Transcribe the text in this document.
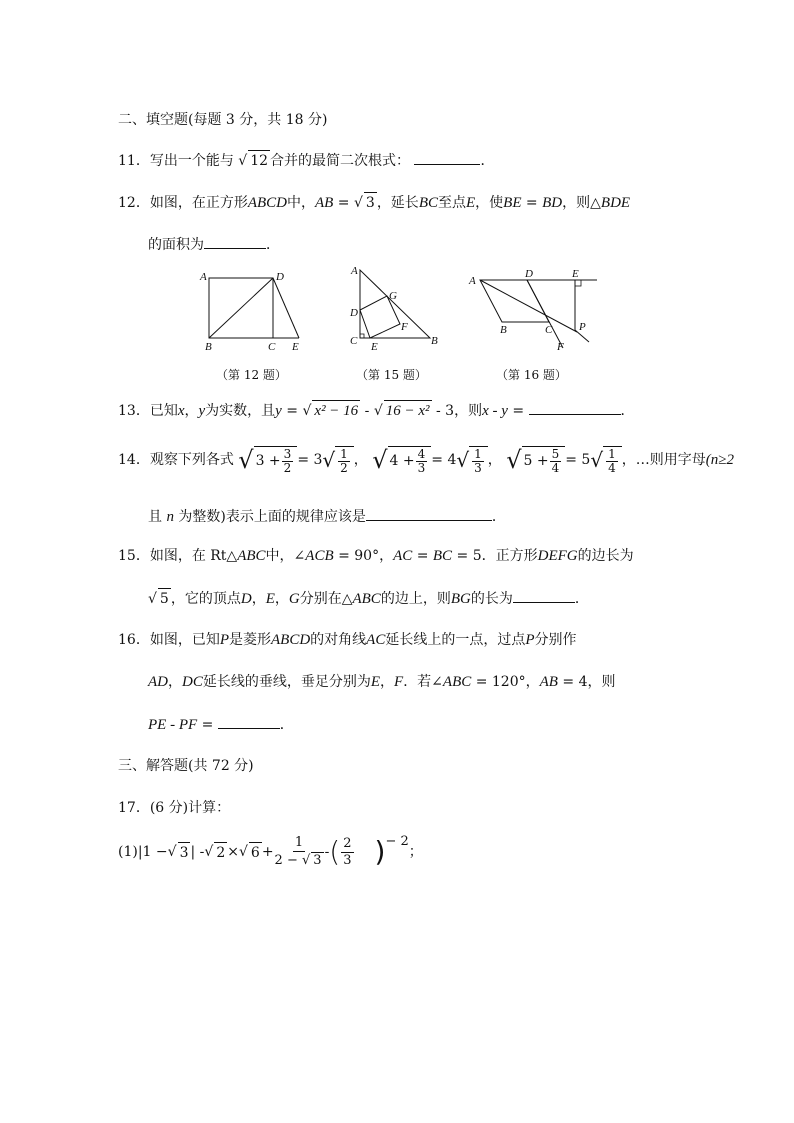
二、填空题(每题 3 分，共 18 分)
11．写出一个能与 √ 12 合并的最简二次根式：	．
12．如图，在正方形ABCD中，AB = √ 3 ，延长BC至点E，使BE = BD，则△BDE
的面积为	．
A	D
B	C E
（第 12 题）
A
G
D
F
C E	B
（第 15 题）
A
D	E
B	C P
F
（第 16 题）
13．已知x，y为实数，且y = √ x² − 16 - √ 16 − x² - 3，则x - y =	．
14．观察下列各式
√ $3 + \frac{3}{2} = 3$ √ $\frac{1}{2}$ ， √ $4 + \frac{4}{3} = 4$ √ $\frac{1}{3}$ ， √ $5 + \frac{5}{4} = 5$ √ $\frac{1}{4}$ ，…则用字母 (n≥2
且 n 为整数)表示上面的规律应该是	．
15．如图，在 Rt△ABC中，∠ACB = 90°，AC = BC = 5．正方形DEFG的边长为
√ 5 ，它的顶点D，E，G分别在△ABC的边上，则BG的长为	．
16．如图，已知P是菱形ABCD的对角线AC延长线上的一点，过点P分别作
AD，DC延长线的垂线，垂足分别为E，F．若∠ABC = 120°，AB = 4，则
PE - PF =	．
三、解答题(共 72 分)
17．(6 分)计算：
(1)|1 − √ 3 | - √ 2 × √ $6 + \frac{1}{2 - √ 3}$ - ( $\frac{2}{3} )^{- 2}$
；
